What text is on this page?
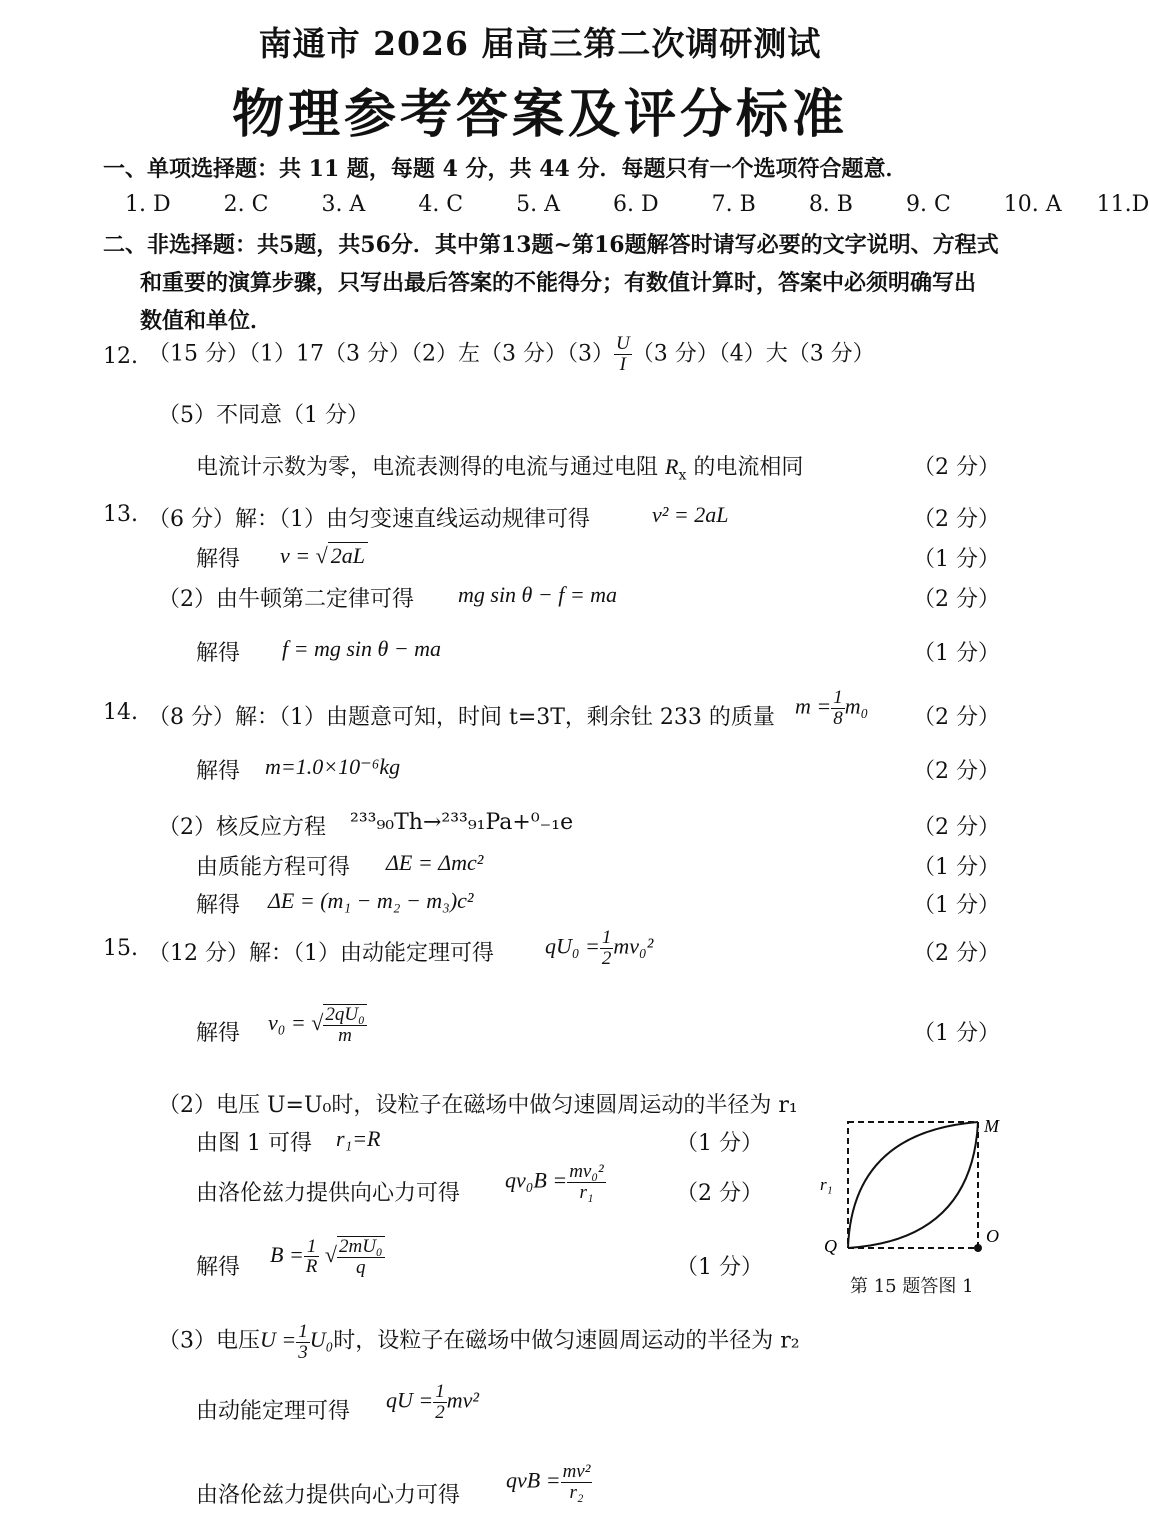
南通市 2026 届高三第二次调研测试
物理参考答案及评分标准
一、单项选择题：共 11 题，每题 4 分，共 44 分．每题只有一个选项符合题意．
1. D 2. C 3. A 4. C 5. A 6. D 7. B 8. B 9. C 10. A 11.D
二、非选择题：共5题，共56分．其中第13题~第16题解答时请写必要的文字说明、方程式
和重要的演算步骤，只写出最后答案的不能得分；有数值计算时，答案中必须明确写出
数值和单位．
12. （15 分）（1）17（3 分）（2）左（3 分）$(3) \frac{U}{I} (3$ 分）（4）大（3 分）
（5）不同意（1 分）
电流计示数为零，电流表测得的电流与通过电阻 $R_x$ 的电流相同	（2 分）
13. （6 分）解：（1）由匀变速直线运动规律可得	v² = 2aL	（2 分）
解得 v = √ 2aL	（1 分）
（2）由牛顿第二定律可得 mg sin θ − f = ma	（2 分）
解得 f = mg sin θ − ma	（1 分）
14. （8 分）解：（1）由题意可知，时间 t=3T，剩余钍 233 的质量 $m = \frac{1}{8} m_0$ （2 分）
解得 m=1.0×10⁻⁶kg	（2 分）
（2）核反应方程 ²³³₉₀Th→²³³₉₁Pa+⁰₋₁e	（2 分）
由质能方程可得 ΔE = Δmc²	（1 分）
解得 ΔE = (m₁ − m₂ − m₃)c²	（1 分）
15. （12 分）解：（1）由动能定理可得 $qU_0 = \frac{1}{2} mv_0^2$	（2 分）
解得 v₀ = √ $\frac{\text{2qU₀}}{m}$	（1 分）
（2）电压 U=U₀时，设粒子在磁场中做匀速圆周运动的半径为 r₁
由图 1 可得 r₁=R	（1 分）
由洛伦兹力提供向心力可得
$qv_0B = \frac{\text{mv₀²}}{\text{r₁}}$	（2 分）
解得
$B = \frac{1}{R}$ √ $\frac{\text{2mU₀}}{q}$	（1 分）
（3）电压$U = \frac{1}{3} U_0$时，设粒子在磁场中做匀速圆周运动的半径为 r₂
由动能定理可得 qU = $\frac{1}{2} mv^2$
由洛伦兹力提供向心力可得
qvB = $\frac{\text{mv²}}{\text{r₂}}$
M
O
Q
r₁
第 15 题答图 1
